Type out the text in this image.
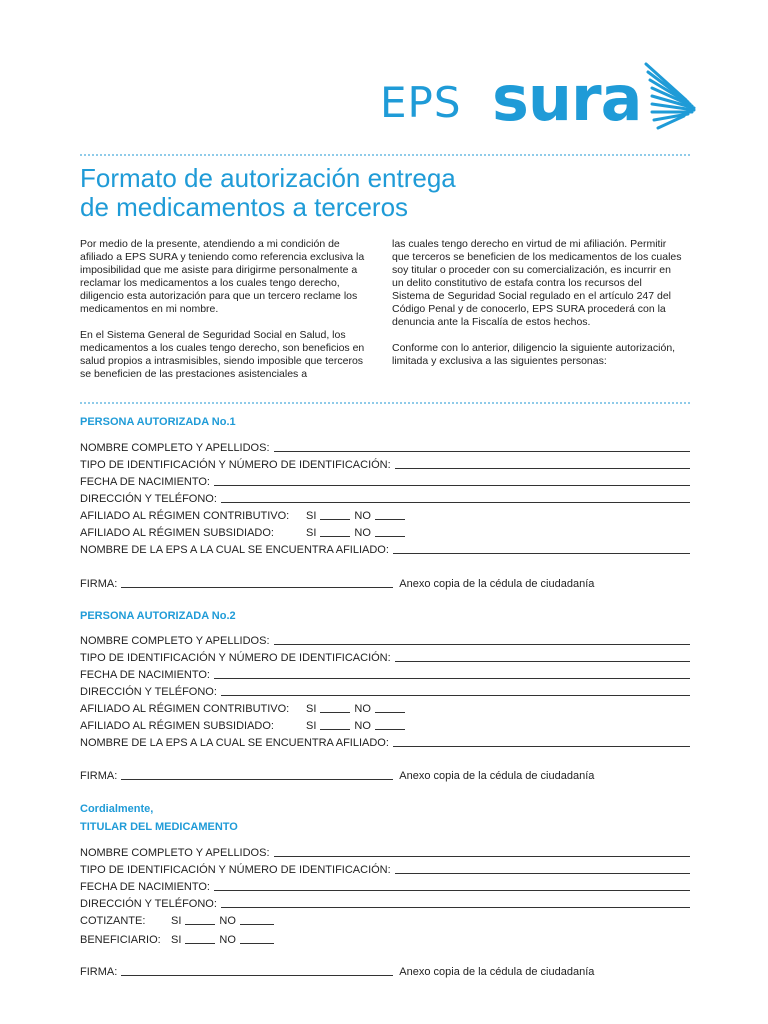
EPS sura
Formato de autorización entrega
de medicamentos a terceros

Por medio de la presente, atendiendo a mi condición de afiliado a EPS SURA y teniendo como referencia exclusiva la imposibilidad que me asiste para dirigirme personalmente a reclamar los medicamentos a los cuales tengo derecho, diligencio esta autorización para que un tercero reclame los medicamentos en mi nombre.

En el Sistema General de Seguridad Social en Salud, los medicamentos a los cuales tengo derecho, son beneficios en salud propios a intrasmisibles, siendo imposible que terceros se beneficien de las prestaciones asistenciales a

las cuales tengo derecho en virtud de mi afiliación. Permitir que terceros se beneficien de los medicamentos de los cuales soy titular o proceder con su comercialización, es incurrir en un delito constitutivo de estafa contra los recursos del Sistema de Seguridad Social regulado en el artículo 247 del Código Penal y de conocerlo, EPS SURA procederá con la denuncia ante la Fiscalía de estos hechos.

Conforme con lo anterior, diligencio la siguiente autorización, limitada y exclusiva a las siguientes personas:

PERSONA AUTORIZADA No.1
NOMBRE COMPLETO Y APELLIDOS:
TIPO DE IDENTIFICACIÓN Y NÚMERO DE IDENTIFICACIÓN:
FECHA DE NACIMIENTO:
DIRECCIÓN Y TELÉFONO:
AFILIADO AL RÉGIMEN CONTRIBUTIVO:	SI	NO
AFILIADO AL RÉGIMEN SUBSIDIADO:	SI	NO
NOMBRE DE LA EPS A LA CUAL SE ENCUENTRA AFILIADO:
FIRMA:	Anexo copia de la cédula de ciudadanía
PERSONA AUTORIZADA No.2
NOMBRE COMPLETO Y APELLIDOS:
TIPO DE IDENTIFICACIÓN Y NÚMERO DE IDENTIFICACIÓN:
FECHA DE NACIMIENTO:
DIRECCIÓN Y TELÉFONO:
AFILIADO AL RÉGIMEN CONTRIBUTIVO:	SI	NO
AFILIADO AL RÉGIMEN SUBSIDIADO:	SI	NO
NOMBRE DE LA EPS A LA CUAL SE ENCUENTRA AFILIADO:
FIRMA:	Anexo copia de la cédula de ciudadanía
Cordialmente,
TITULAR DEL MEDICAMENTO
NOMBRE COMPLETO Y APELLIDOS:
TIPO DE IDENTIFICACIÓN Y NÚMERO DE IDENTIFICACIÓN:
FECHA DE NACIMIENTO:
DIRECCIÓN Y TELÉFONO:
COTIZANTE:	SI	NO
BENEFICIARIO: SI	NO
FIRMA:	Anexo copia de la cédula de ciudadanía
